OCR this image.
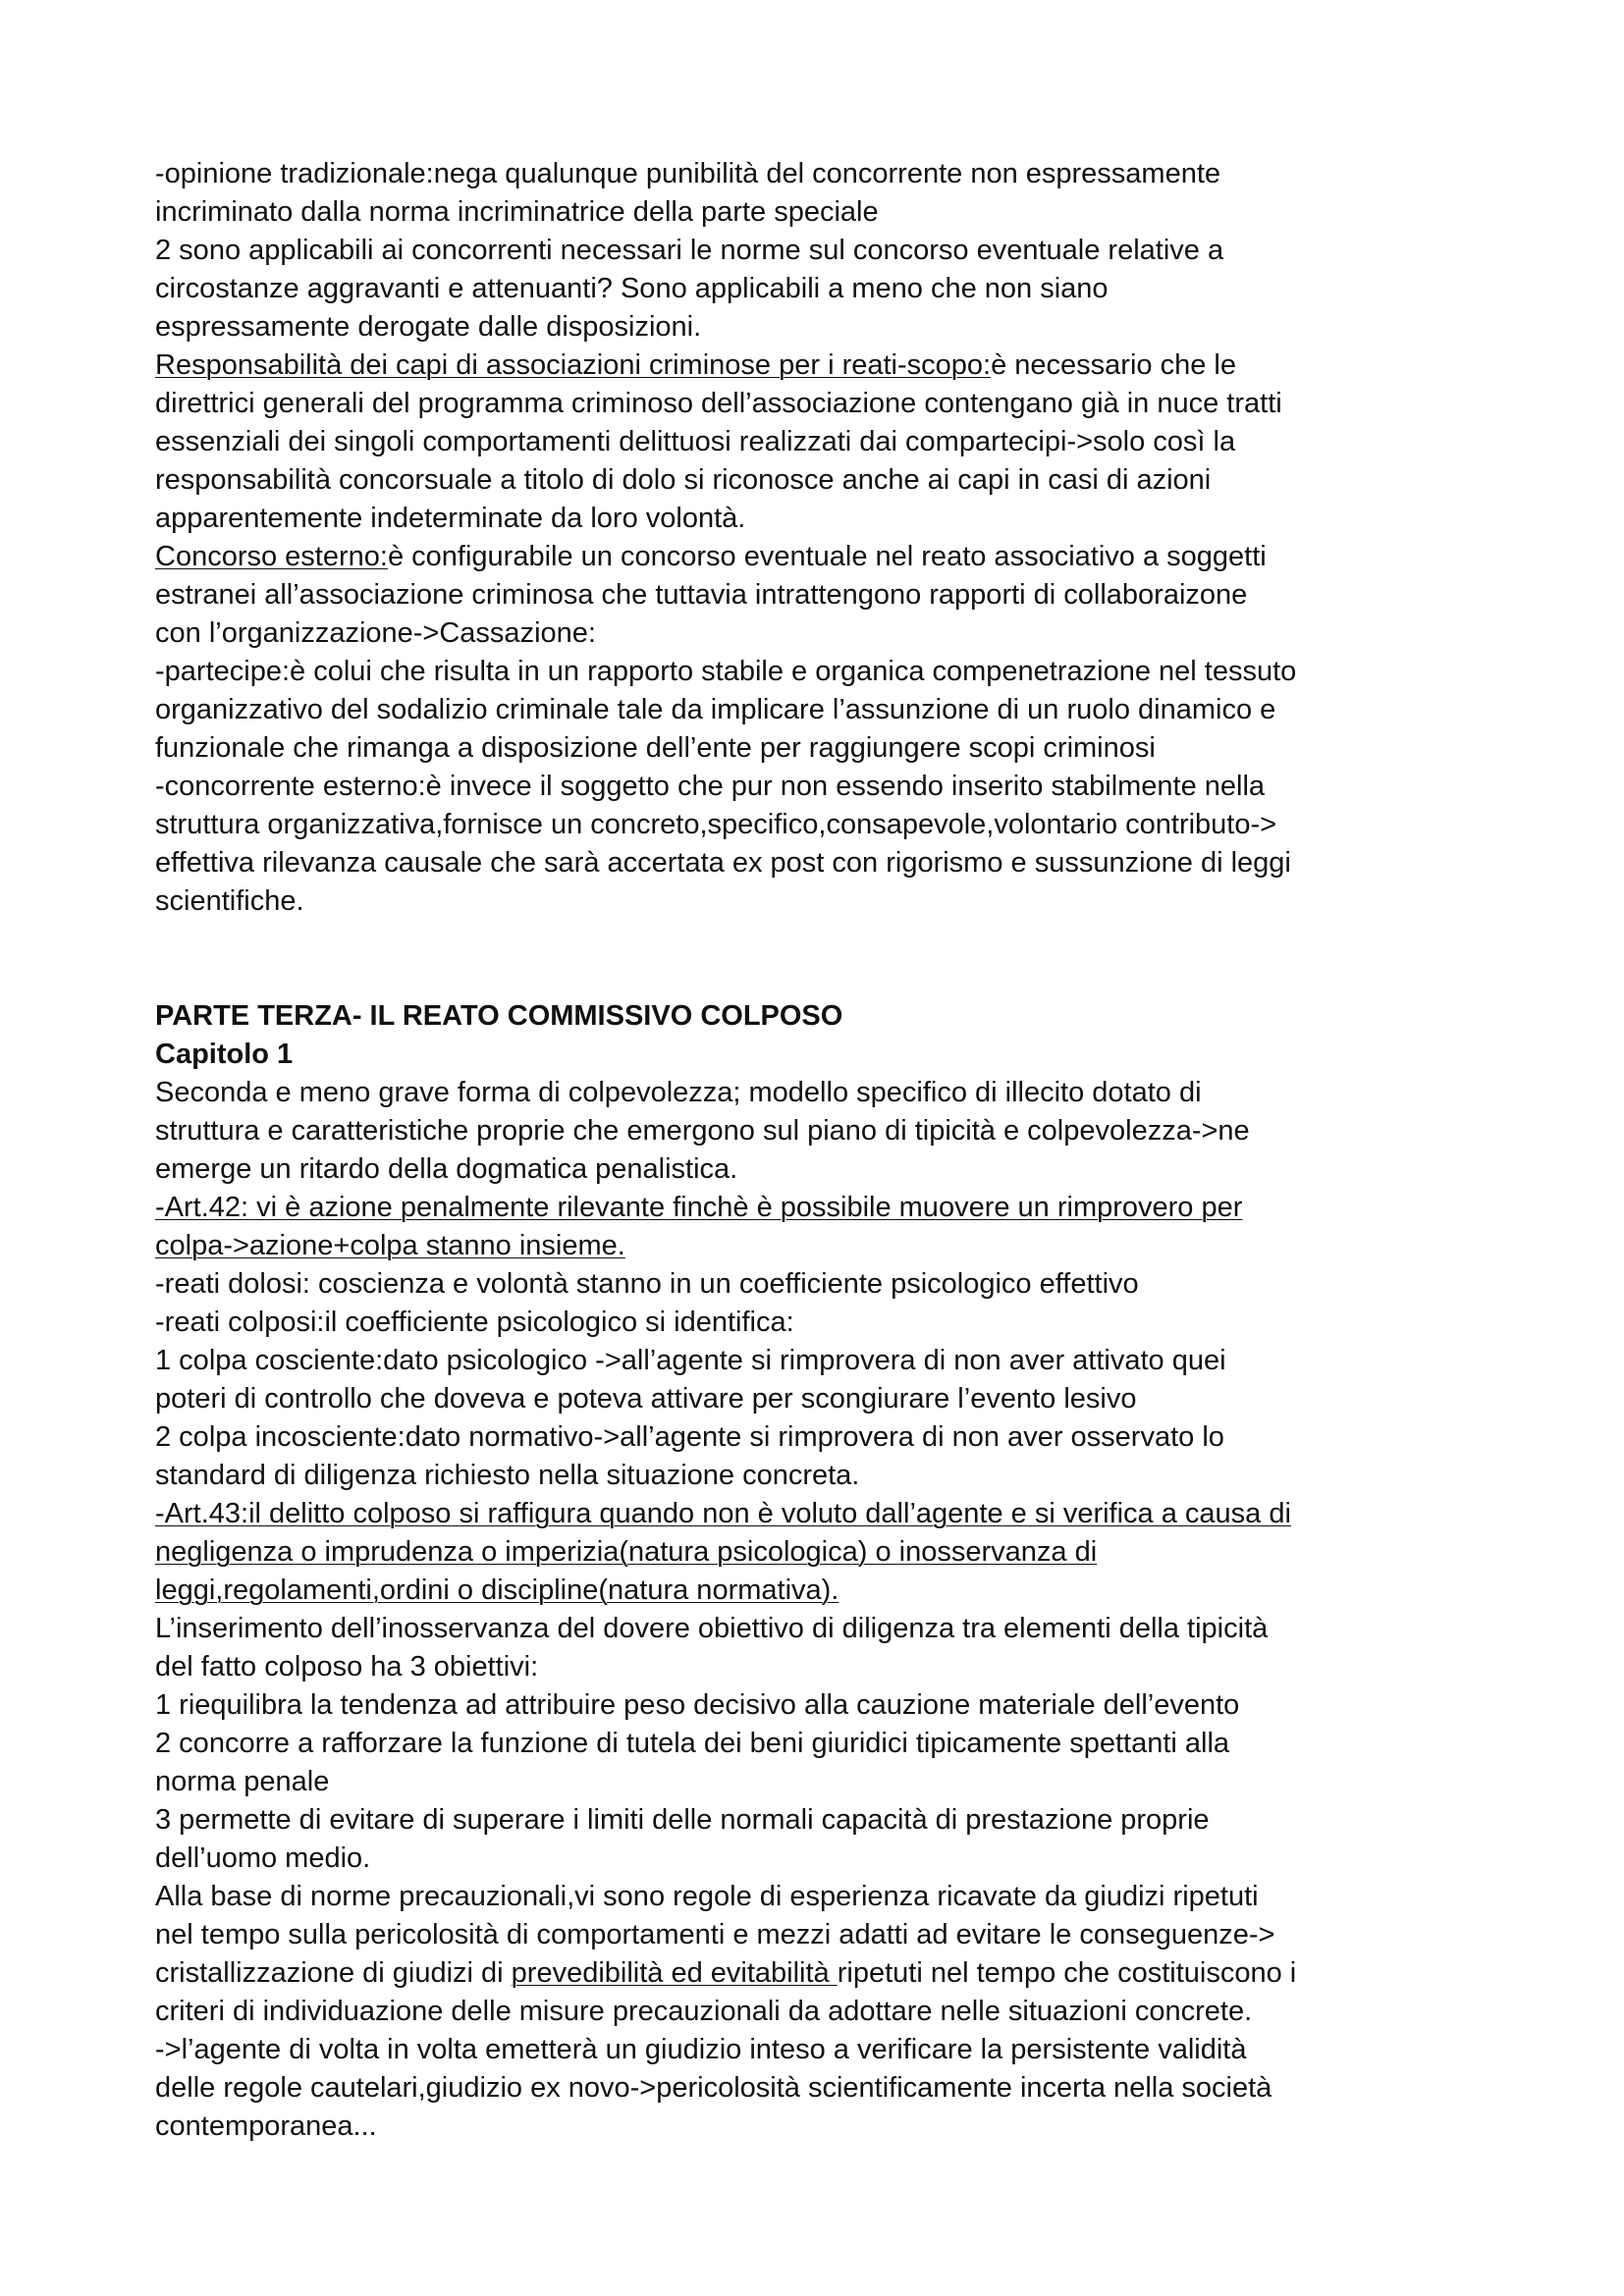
-opinione tradizionale:nega qualunque punibilità del concorrente non espressamente
incriminato dalla norma incriminatrice della parte speciale
2 sono applicabili ai concorrenti necessari le norme sul concorso eventuale relative a
circostanze aggravanti e attenuanti? Sono applicabili a meno che non siano
espressamente derogate dalle disposizioni.
Responsabilità dei capi di associazioni criminose per i reati-scopo:è necessario che le
direttrici generali del programma criminoso dell’associazione contengano già in nuce tratti
essenziali dei singoli comportamenti delittuosi realizzati dai compartecipi->solo così la
responsabilità concorsuale a titolo di dolo si riconosce anche ai capi in casi di azioni
apparentemente indeterminate da loro volontà.
Concorso esterno:è configurabile un concorso eventuale nel reato associativo a soggetti
estranei all’associazione criminosa che tuttavia intrattengono rapporti di collaboraizone
con l’organizzazione->Cassazione:
-partecipe:è colui che risulta in un rapporto stabile e organica compenetrazione nel tessuto
organizzativo del sodalizio criminale tale da implicare l’assunzione di un ruolo dinamico e
funzionale che rimanga a disposizione dell’ente per raggiungere scopi criminosi
-concorrente esterno:è invece il soggetto che pur non essendo inserito stabilmente nella
struttura organizzativa,fornisce un concreto,specifico,consapevole,volontario contributo->
effettiva rilevanza causale che sarà accertata ex post con rigorismo e sussunzione di leggi
scientifiche.
PARTE TERZA- IL REATO COMMISSIVO COLPOSO
Capitolo 1
Seconda e meno grave forma di colpevolezza; modello specifico di illecito dotato di
struttura e caratteristiche proprie che emergono sul piano di tipicità e colpevolezza->ne
emerge un ritardo della dogmatica penalistica.
-Art.42: vi è azione penalmente rilevante finchè è possibile muovere un rimprovero per
colpa->azione+colpa stanno insieme.
-reati dolosi: coscienza e volontà stanno in un coefficiente psicologico effettivo
-reati colposi:il coefficiente psicologico si identifica:
1 colpa cosciente:dato psicologico ->all’agente si rimprovera di non aver attivato quei
poteri di controllo che doveva e poteva attivare per scongiurare l’evento lesivo
2 colpa incosciente:dato normativo->all’agente si rimprovera di non aver osservato lo
standard di diligenza richiesto nella situazione concreta.
-Art.43:il delitto colposo si raffigura quando non è voluto dall’agente e si verifica a causa di
negligenza o imprudenza o imperizia(natura psicologica) o inosservanza di
leggi,regolamenti,ordini o discipline(natura normativa).
L’inserimento dell’inosservanza del dovere obiettivo di diligenza tra elementi della tipicità
del fatto colposo ha 3 obiettivi:
1 riequilibra la tendenza ad attribuire peso decisivo alla cauzione materiale dell’evento
2 concorre a rafforzare la funzione di tutela dei beni giuridici tipicamente spettanti alla
norma penale
3 permette di evitare di superare i limiti delle normali capacità di prestazione proprie
dell’uomo medio.
Alla base di norme precauzionali,vi sono regole di esperienza ricavate da giudizi ripetuti
nel tempo sulla pericolosità di comportamenti e mezzi adatti ad evitare le conseguenze->
cristallizzazione di giudizi di prevedibilità ed evitabilità ripetuti nel tempo che costituiscono i
criteri di individuazione delle misure precauzionali da adottare nelle situazioni concrete.
->l’agente di volta in volta emetterà un giudizio inteso a verificare la persistente validità
delle regole cautelari,giudizio ex novo->pericolosità scientificamente incerta nella società
contemporanea...
